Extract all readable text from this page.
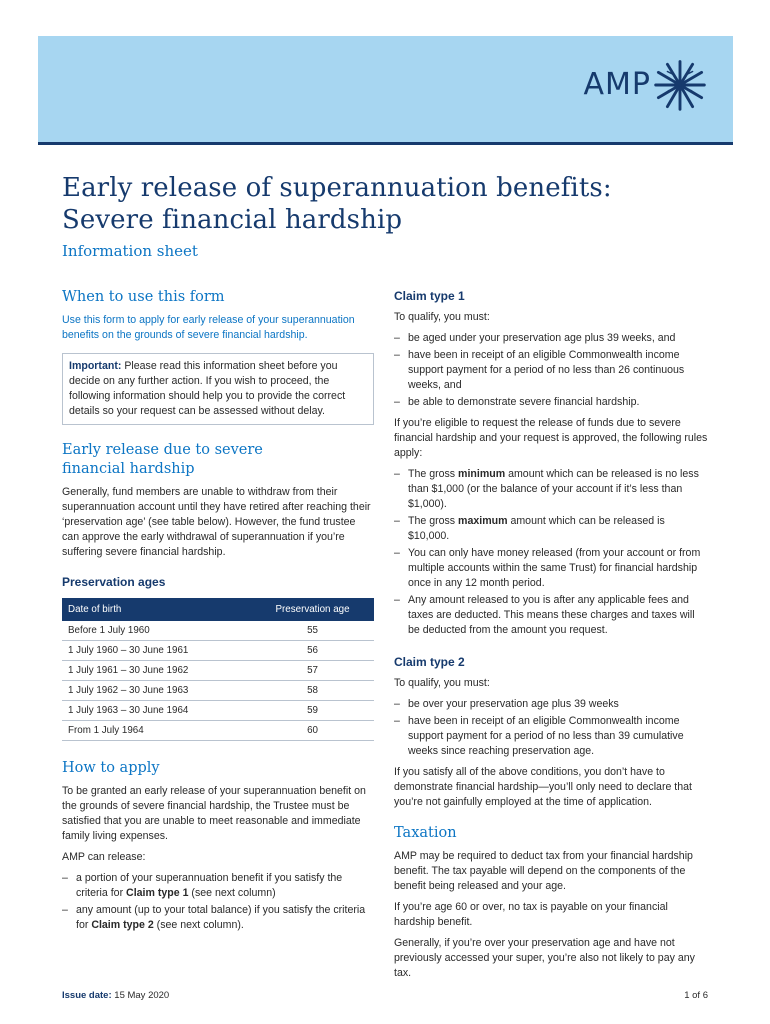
AMP
Early release of superannuation benefits:
Severe financial hardship
Information sheet
When to use this form

Use this form to apply for early release of your superannuation benefits on the grounds of severe financial hardship.

Important: Please read this information sheet before you decide on any further action. If you wish to proceed, the following information should help you to provide the correct details so your request can be assessed without delay.
Early release due to severe
financial hardship

Generally, fund members are unable to withdraw from their superannuation account until they have retired after reaching their ‘preservation age’ (see table below). However, the fund trustee can approve the early withdrawal of superannuation if you’re suffering severe financial hardship.

Preservation ages
Date of birth	Preservation age
Before 1 July 1960	55
1 July 1960 – 30 June 1961	56
1 July 1961 – 30 June 1962	57
1 July 1962 – 30 June 1963	58
1 July 1963 – 30 June 1964	59
From 1 July 1964	60
How to apply

To be granted an early release of your superannuation benefit on the grounds of severe financial hardship, the Trustee must be satisfied that you are unable to meet reasonable and immediate family living expenses.

AMP can release:

– a portion of your superannuation benefit if you satisfy the criteria for Claim type 1 (see next column)
– any amount (up to your total balance) if you satisfy the criteria for Claim type 2 (see next column).
Claim type 1

To qualify, you must:

– be aged under your preservation age plus 39 weeks, and
– have been in receipt of an eligible Commonwealth income support payment for a period of no less than 26 continuous weeks, and
– be able to demonstrate severe financial hardship.

If you’re eligible to request the release of funds due to severe financial hardship and your request is approved, the following rules apply:

– The gross minimum amount which can be released is no less than $1,000 (or the balance of your account if it’s less than $1,000).
– The gross maximum amount which can be released is $10,000.
– You can only have money released (from your account or from multiple accounts within the same Trust) for financial hardship once in any 12 month period.
– Any amount released to you is after any applicable fees and taxes are deducted. This means these charges and taxes will be deducted from the amount you request.
Claim type 2

To qualify, you must:

– be over your preservation age plus 39 weeks
– have been in receipt of an eligible Commonwealth income support payment for a period of no less than 39 cumulative weeks since reaching preservation age.

If you satisfy all of the above conditions, you don’t have to demonstrate financial hardship—you’ll only need to declare that you’re not gainfully employed at the time of application.

Taxation

AMP may be required to deduct tax from your financial hardship benefit. The tax payable will depend on the components of the benefit being released and your age.

If you’re age 60 or over, no tax is payable on your financial hardship benefit.

Generally, if you’re over your preservation age and have not previously accessed your super, you’re also not likely to pay any tax.

Issue date: 15 May 2020	1 of 6
